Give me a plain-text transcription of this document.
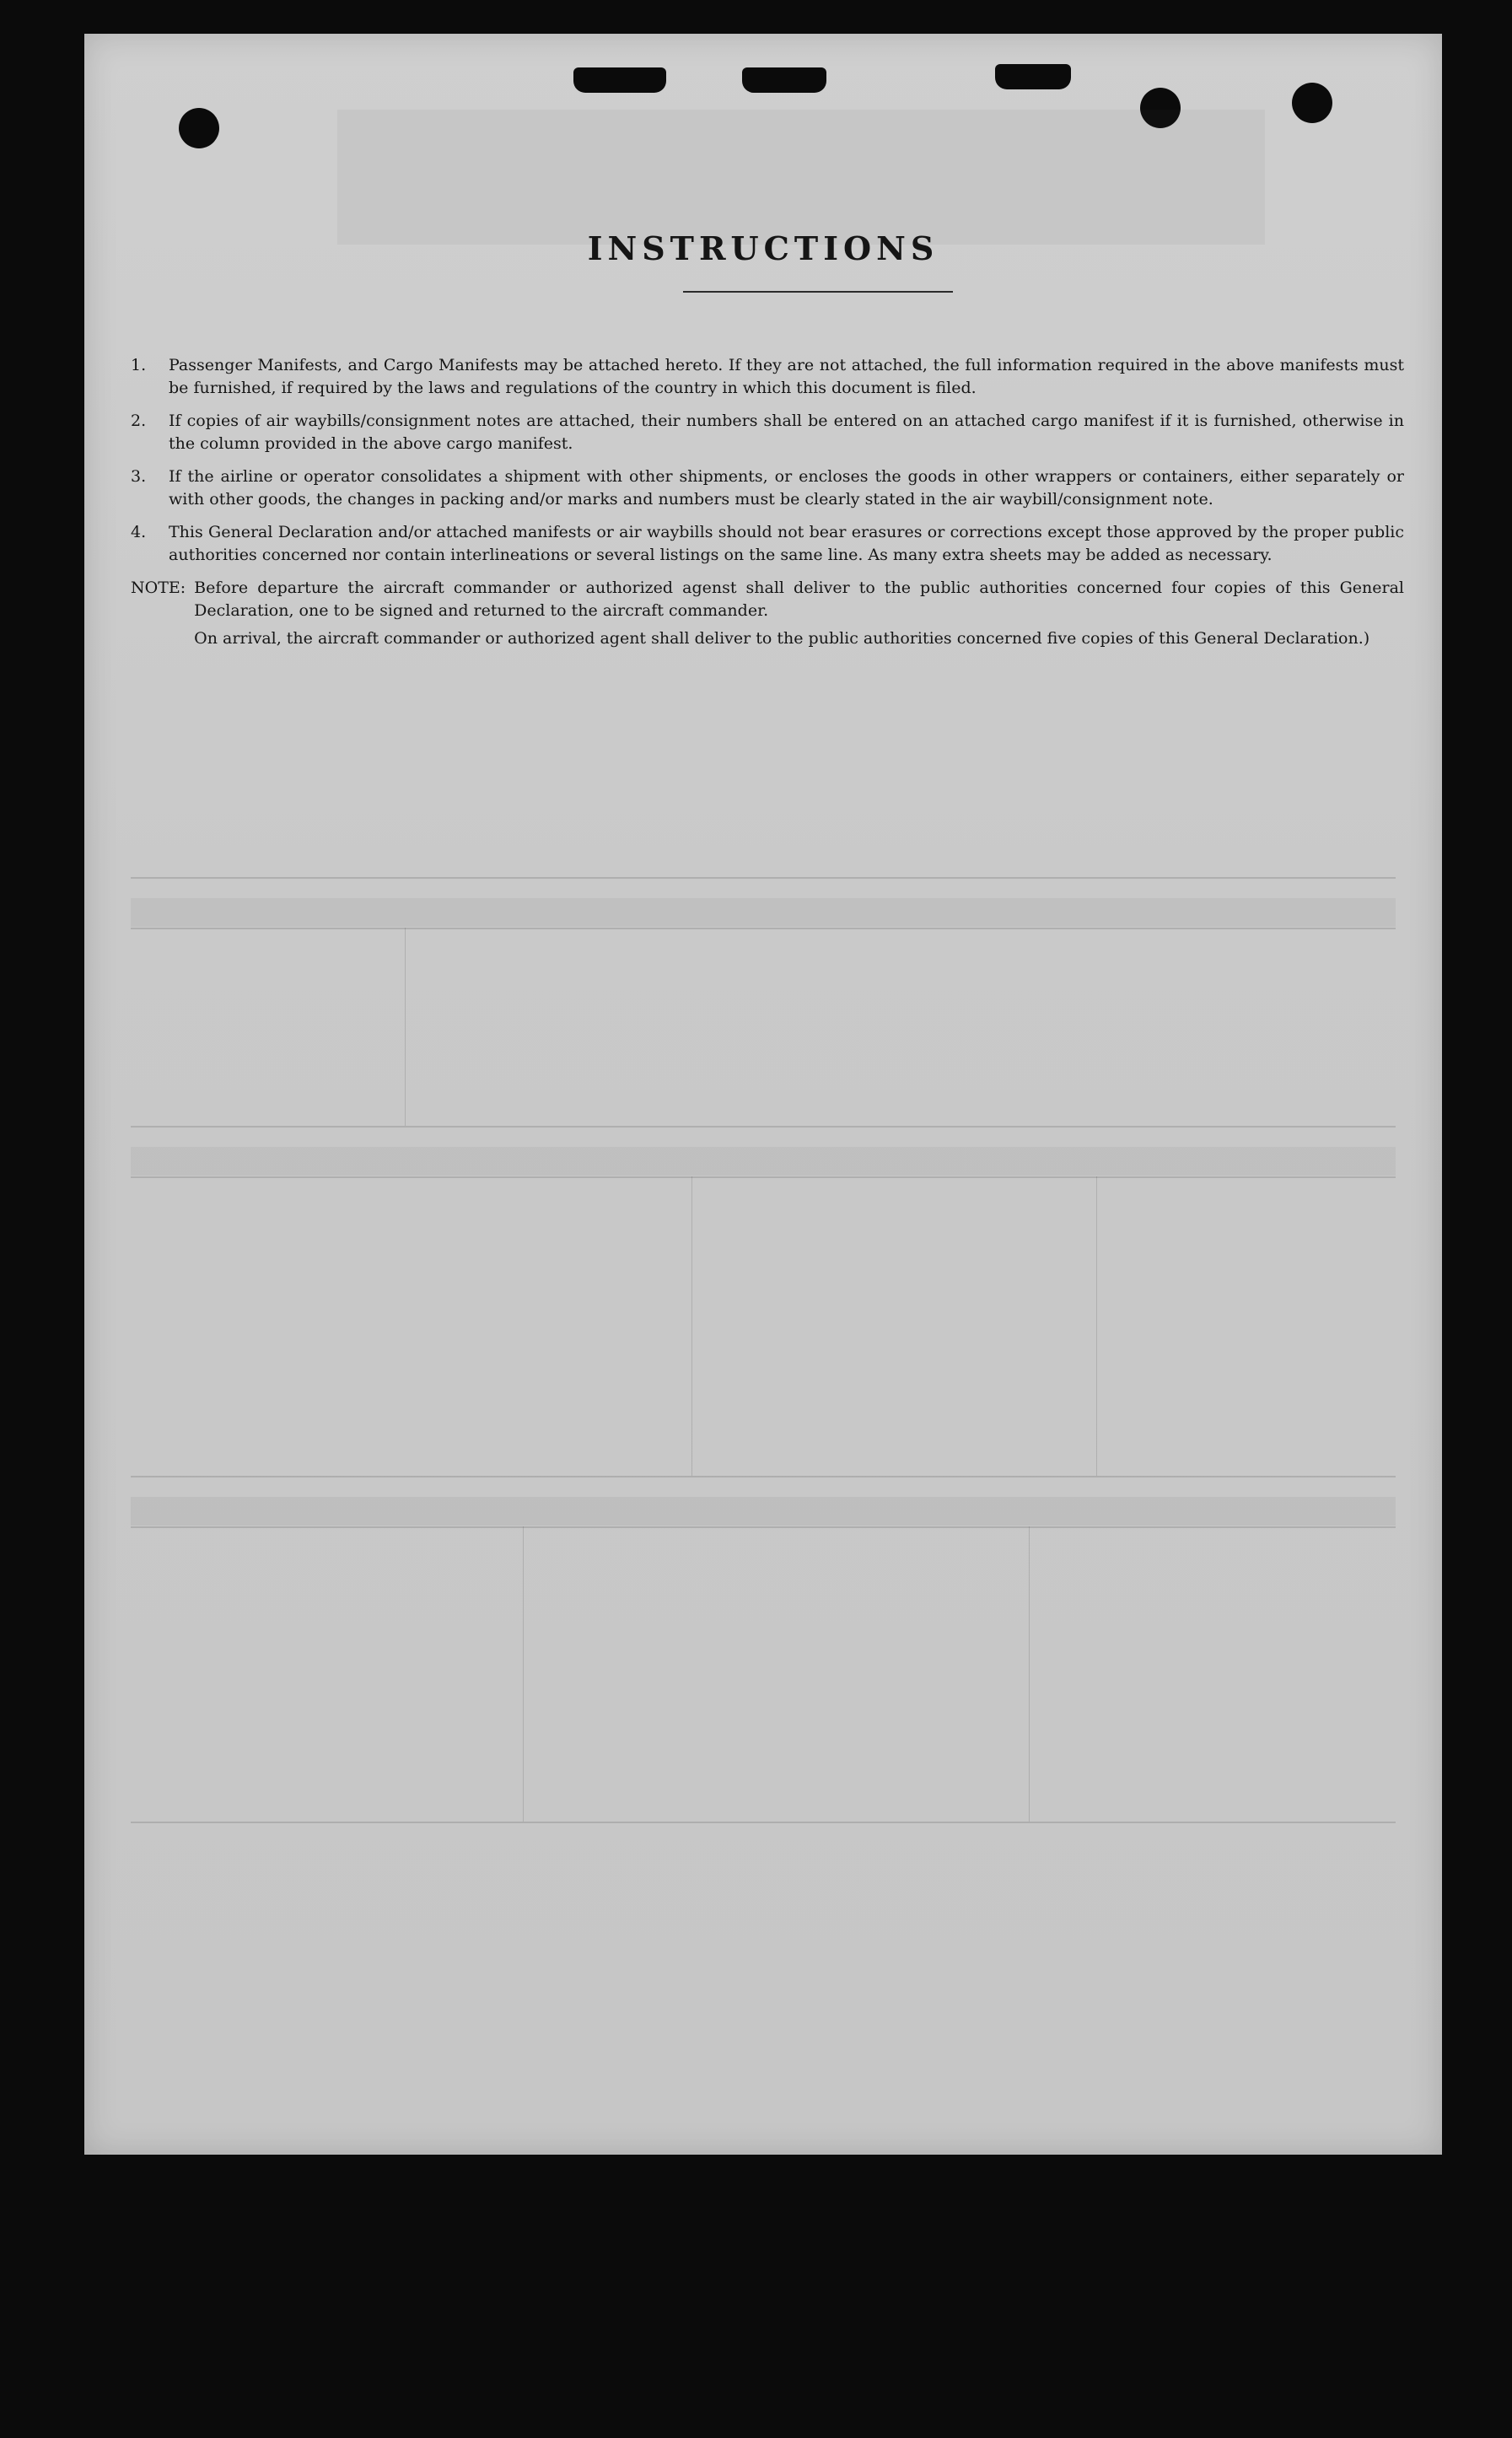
INSTRUCTIONS
1.	Passenger Manifests, and Cargo Manifests may be attached hereto. If they are not attached, the full information required in the above manifests must be furnished, if required by the laws and regulations of the country in which this document is filed.
2.	If copies of air waybills/consignment notes are attached, their numbers shall be entered on an attached cargo manifest if it is furnished, otherwise in the column provided in the above cargo manifest.
3.	If the airline or operator consolidates a shipment with other shipments, or encloses the goods in other wrappers or containers, either separately or with other goods, the changes in packing and/or marks and numbers must be clearly stated in the air waybill/consignment note.
4.	This General Declaration and/or attached manifests or air waybills should not bear erasures or corrections except those approved by the proper public authorities concerned nor contain interlineations or several listings on the same line. As many extra sheets may be added as necessary.
NOTE: Before departure the aircraft commander or authorized agenst shall deliver to the public authorities concerned four copies of this General Declaration, one to be signed and returned to the aircraft commander.

On arrival, the aircraft commander or authorized agent shall deliver to the public authorities concerned five copies of this General Declaration.)
